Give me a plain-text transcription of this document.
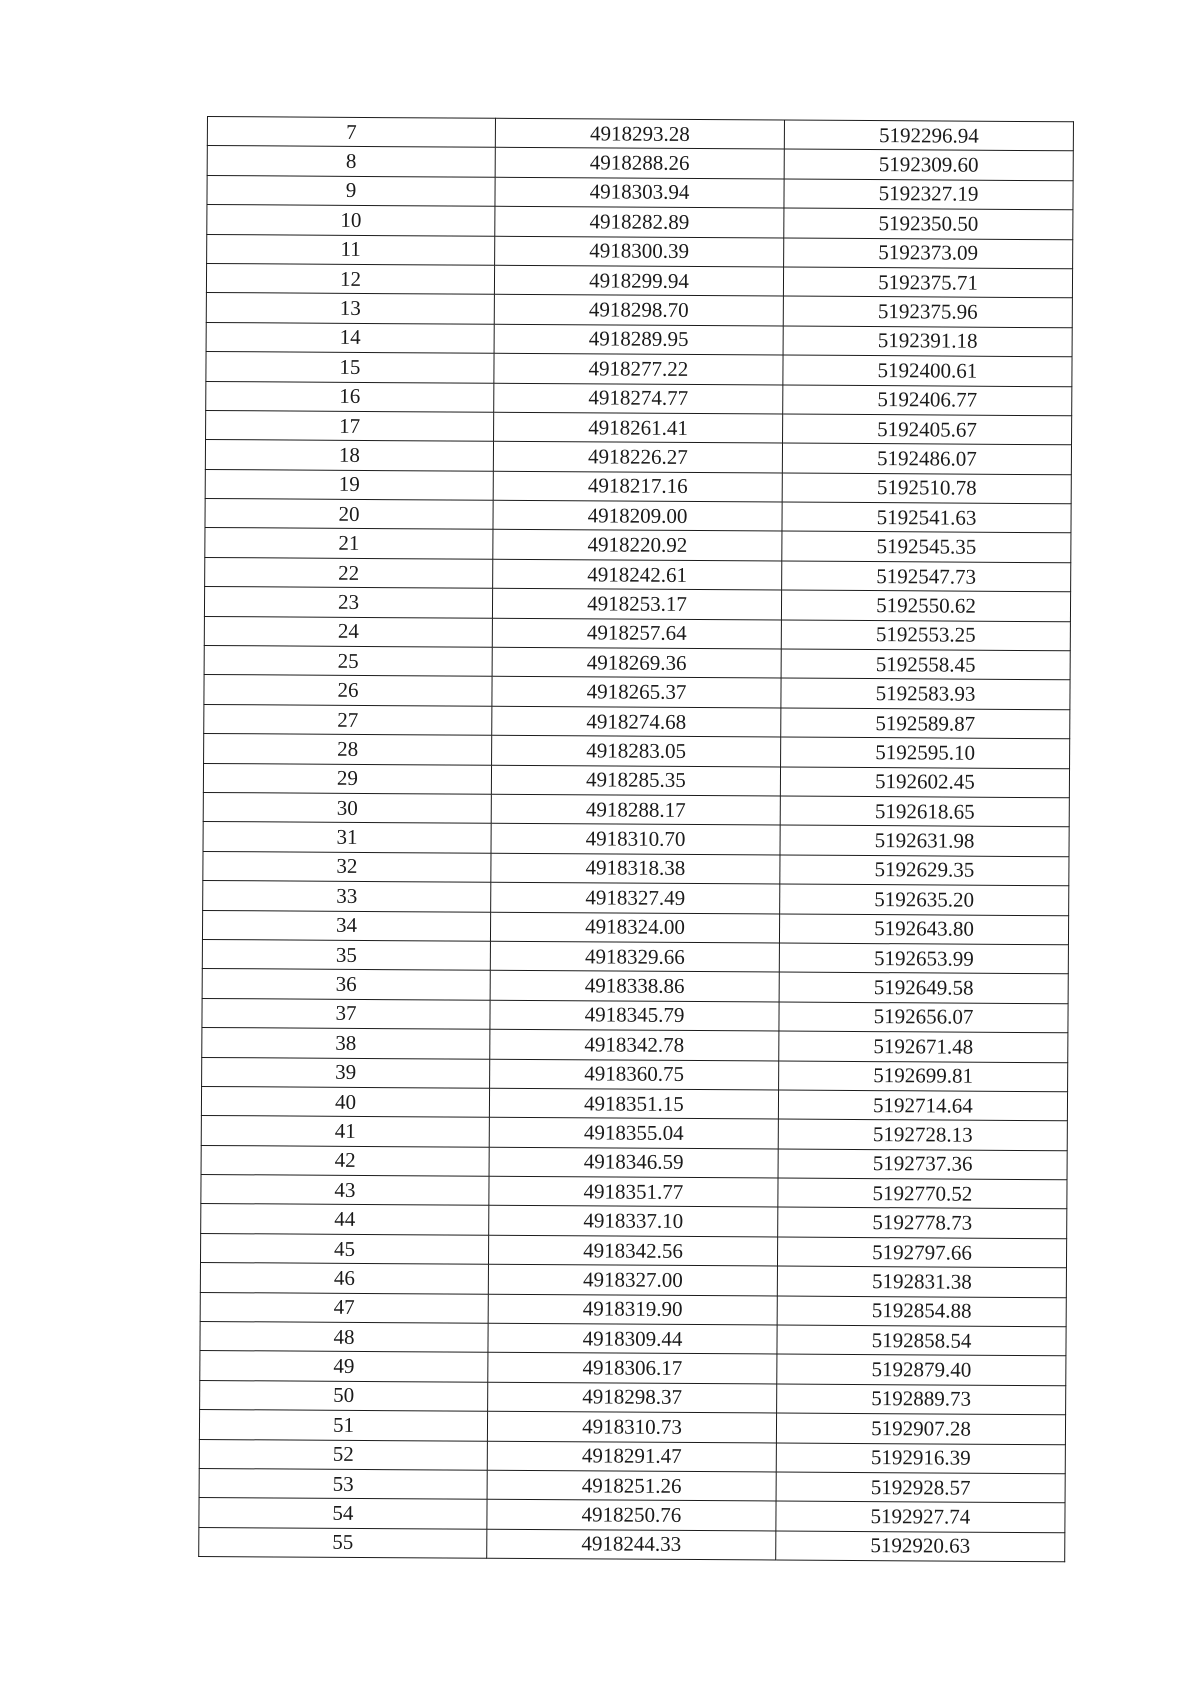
7	4918293.28	5192296.94
8	4918288.26	5192309.60
9	4918303.94	5192327.19
10	4918282.89	5192350.50
11	4918300.39	5192373.09
12	4918299.94	5192375.71
13	4918298.70	5192375.96
14	4918289.95	5192391.18
15	4918277.22	5192400.61
16	4918274.77	5192406.77
17	4918261.41	5192405.67
18	4918226.27	5192486.07
19	4918217.16	5192510.78
20	4918209.00	5192541.63
21	4918220.92	5192545.35
22	4918242.61	5192547.73
23	4918253.17	5192550.62
24	4918257.64	5192553.25
25	4918269.36	5192558.45
26	4918265.37	5192583.93
27	4918274.68	5192589.87
28	4918283.05	5192595.10
29	4918285.35	5192602.45
30	4918288.17	5192618.65
31	4918310.70	5192631.98
32	4918318.38	5192629.35
33	4918327.49	5192635.20
34	4918324.00	5192643.80
35	4918329.66	5192653.99
36	4918338.86	5192649.58
37	4918345.79	5192656.07
38	4918342.78	5192671.48
39	4918360.75	5192699.81
40	4918351.15	5192714.64
41	4918355.04	5192728.13
42	4918346.59	5192737.36
43	4918351.77	5192770.52
44	4918337.10	5192778.73
45	4918342.56	5192797.66
46	4918327.00	5192831.38
47	4918319.90	5192854.88
48	4918309.44	5192858.54
49	4918306.17	5192879.40
50	4918298.37	5192889.73
51	4918310.73	5192907.28
52	4918291.47	5192916.39
53	4918251.26	5192928.57
54	4918250.76	5192927.74
55	4918244.33	5192920.63
